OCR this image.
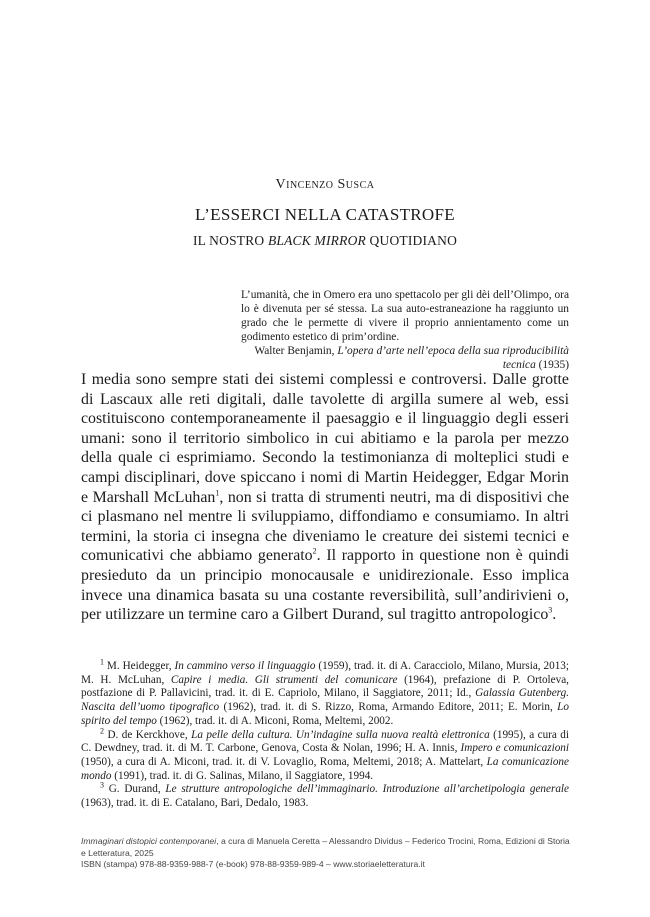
Vincenzo Susca
L’ESSERCI NELLA CATASTROFE
IL NOSTRO BLACK MIRROR QUOTIDIANO
L’umanità, che in Omero era uno spettacolo per gli dèi dell’Olimpo, ora lo è divenuta per sé stessa. La sua auto-estraneazione ha raggiunto un grado che le permette di vivere il proprio annientamento come un godimento estetico di prim’ordine.
Walter Benjamin, L’opera d’arte nell’epoca della sua riproducibilità tecnica (1935)
I media sono sempre stati dei sistemi complessi e controversi. Dalle grotte di Lascaux alle reti digitali, dalle tavolette di argilla sumere al web, essi costituiscono contemporaneamente il paesaggio e il linguaggio degli esseri umani: sono il territorio simbolico in cui abitiamo e la parola per mezzo della quale ci esprimiamo. Secondo la testimonianza di molteplici studi e campi disciplinari, dove spiccano i nomi di Martin Heidegger, Edgar Morin e Marshall McLuhan$^1$, non si tratta di strumenti neutri, ma di dispositivi che ci plasmano nel mentre li sviluppiamo, diffondiamo e consumiamo. In altri termini, la storia ci insegna che diveniamo le creature dei sistemi tecnici e comunicativi che abbiamo generato$^2$. Il rapporto in questione non è quindi presieduto da un principio monocausale e unidirezionale. Esso implica invece una dinamica basata su una costante reversibilità, sull’andirivieni o, per utilizzare un termine caro a Gilbert Durand, sul tragitto antropologico$^3$.

$^1$ M. Heidegger, In cammino verso il linguaggio (1959), trad. it. di A. Caracciolo, Milano, Mursia, 2013; M. H. McLuhan, Capire i media. Gli strumenti del comunicare (1964), prefazione di P. Ortoleva, postfazione di P. Pallavicini, trad. it. di E. Capriolo, Milano, il Saggiatore, 2011; Id., Galassia Gutenberg. Nascita dell’uomo tipografico (1962), trad. it. di S. Rizzo, Roma, Armando Editore, 2011; E. Morin, Lo spirito del tempo (1962), trad. it. di A. Miconi, Roma, Meltemi, 2002.

$^2$ D. de Kerckhove, La pelle della cultura. Un’indagine sulla nuova realtà elettronica (1995), a cura di C. Dewdney, trad. it. di M. T. Carbone, Genova, Costa & Nolan, 1996; H. A. Innis, Impero e comunicazioni (1950), a cura di A. Miconi, trad. it. di V. Lovaglio, Roma, Meltemi, 2018; A. Mattelart, La comunicazione mondo (1991), trad. it. di G. Salinas, Milano, il Saggiatore, 1994.

$^3$ G. Durand, Le strutture antropologiche dell’immaginario. Introduzione all’archetipologia generale (1963), trad. it. di E. Catalano, Bari, Dedalo, 1983.

Immaginari distopici contemporanei, a cura di Manuela Ceretta – Alessandro Dividus – Federico Trocini, Roma, Edizioni di Storia e Letteratura, 2025
ISBN (stampa) 978-88-9359-988-7 (e-book) 978-88-9359-989-4 – www.storiaeletteratura.it
